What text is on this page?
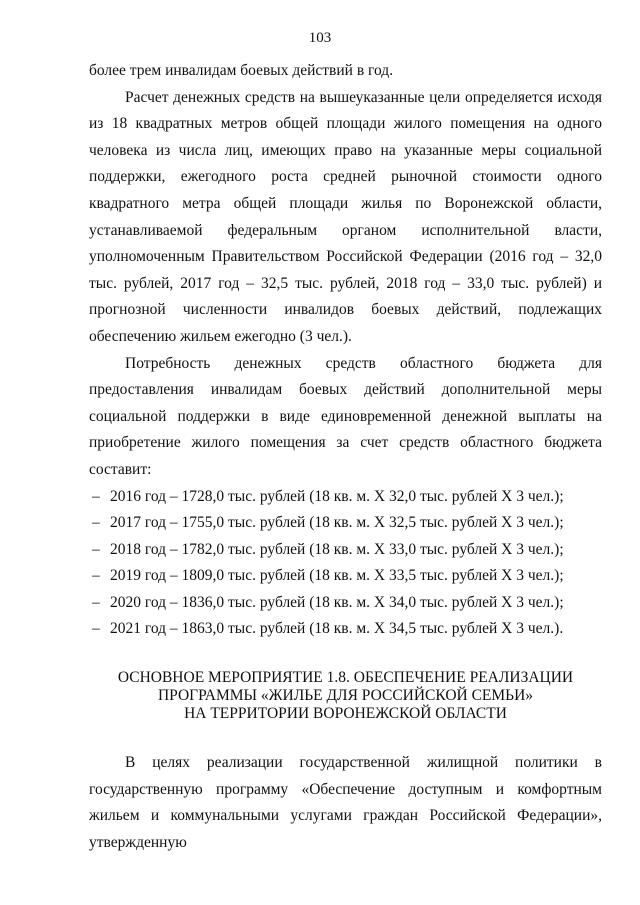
103

более трем инвалидам боевых действий в год.

Расчет денежных средств на вышеуказанные цели определяется исходя из 18 квадратных метров общей площади жилого помещения на одного человека из числа лиц, имеющих право на указанные меры социальной поддержки, ежегодного роста средней рыночной стоимости одного квадратного метра общей площади жилья по Воронежской области, устанавливаемой федеральным органом исполнительной власти, уполномоченным Правительством Российской Федерации (2016 год – 32,0 тыс. рублей, 2017 год – 32,5 тыс. рублей, 2018 год – 33,0 тыс. рублей) и прогнозной численности инвалидов боевых действий, подлежащих обеспечению жильем ежегодно (3 чел.).

Потребность денежных средств областного бюджета для предоставления инвалидам боевых действий дополнительной меры социальной поддержки в виде единовременной денежной выплаты на приобретение жилого помещения за счет средств областного бюджета составит:

– 2016 год – 1728,0 тыс. рублей (18 кв. м. Х 32,0 тыс. рублей Х 3 чел.);
– 2017 год – 1755,0 тыс. рублей (18 кв. м. Х 32,5 тыс. рублей Х 3 чел.);
– 2018 год – 1782,0 тыс. рублей (18 кв. м. Х 33,0 тыс. рублей Х 3 чел.);
– 2019 год – 1809,0 тыс. рублей (18 кв. м. Х 33,5 тыс. рублей Х 3 чел.);
– 2020 год – 1836,0 тыс. рублей (18 кв. м. Х 34,0 тыс. рублей Х 3 чел.);
– 2021 год – 1863,0 тыс. рублей (18 кв. м. Х 34,5 тыс. рублей Х 3 чел.).
ОСНОВНОЕ МЕРОПРИЯТИЕ 1.8. ОБЕСПЕЧЕНИЕ РЕАЛИЗАЦИИ
ПРОГРАММЫ «ЖИЛЬЕ ДЛЯ РОССИЙСКОЙ СЕМЬИ»
НА ТЕРРИТОРИИ ВОРОНЕЖСКОЙ ОБЛАСТИ

В целях реализации государственной жилищной политики в государственную программу «Обеспечение доступным и комфортным жильем и коммунальными услугами граждан Российской Федерации», утвержденную
